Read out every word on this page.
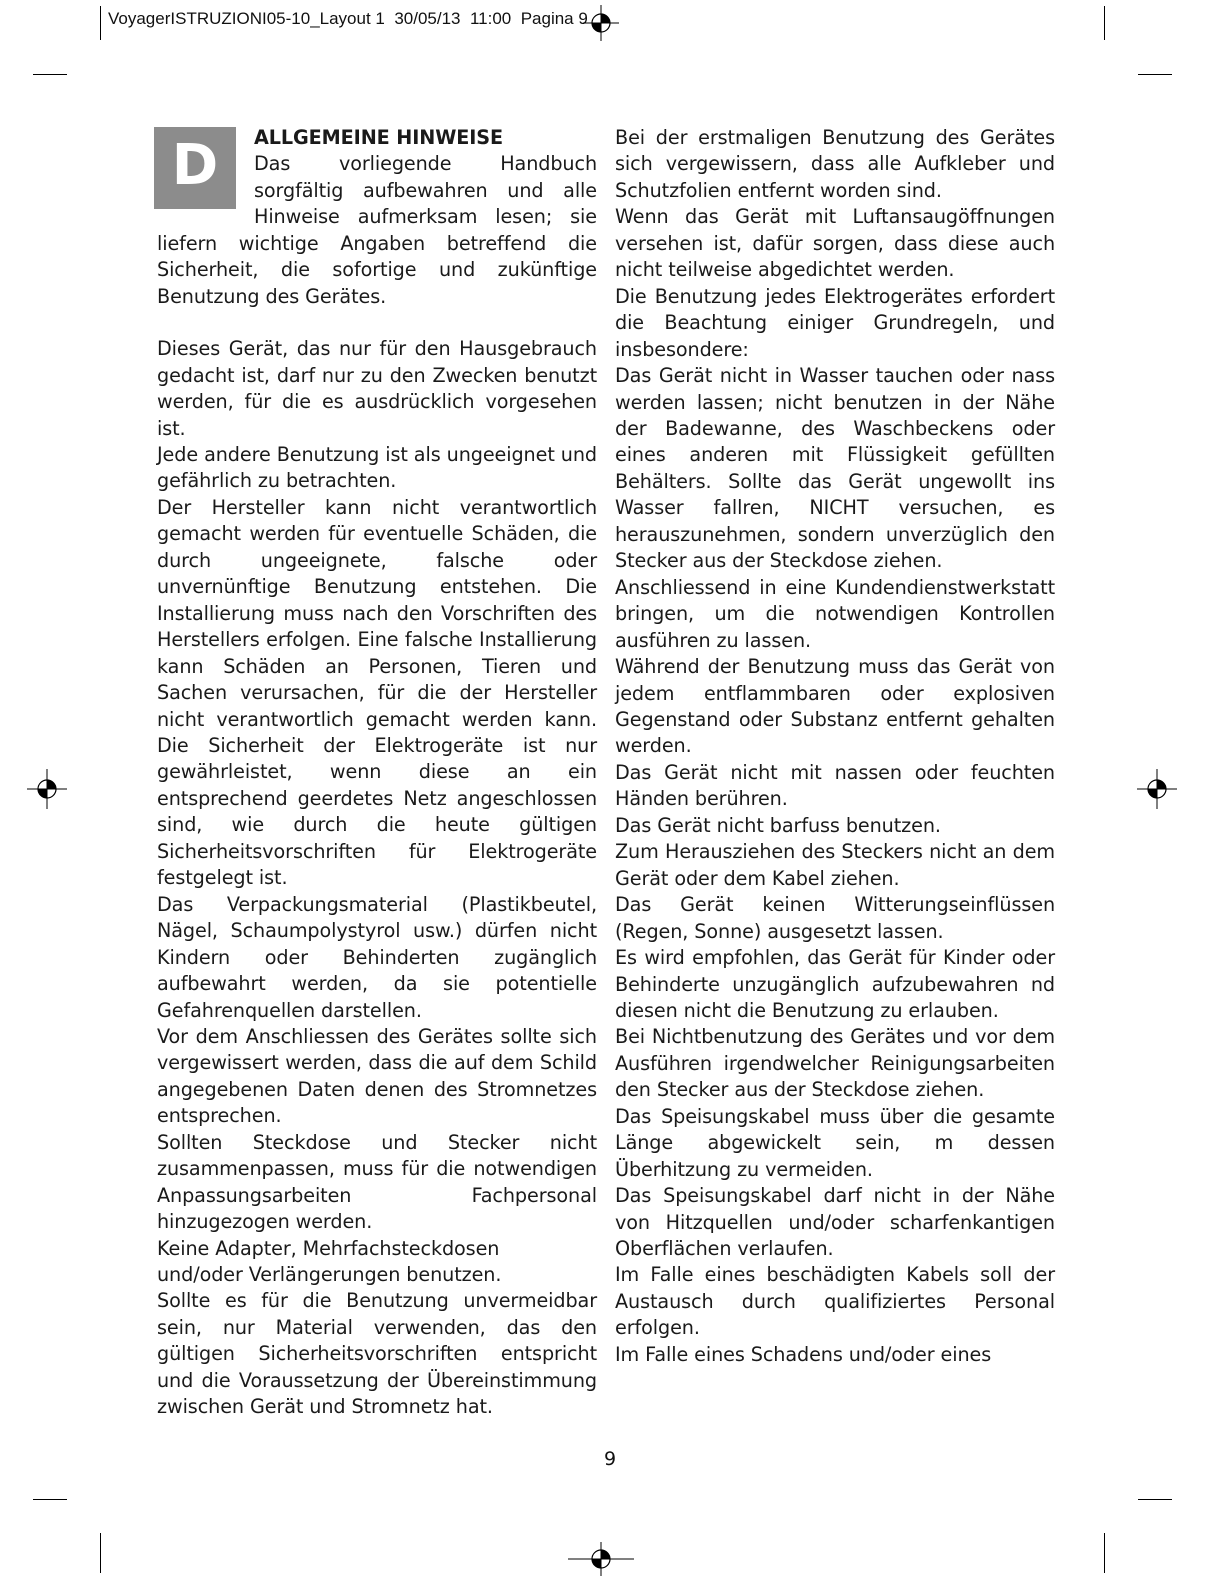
VoyagerISTRUZIONI05-10_Layout 1 30/05/13 11:00 Pagina 9
D	ALLGEMEINE HINWEISE

Das vorliegende Handbuch sorgfältig aufbewahren und alle Hinweise aufmerksam lesen; sie liefern wichtige Angaben betreffend die Sicherheit, die sofortige und zukünftige Benutzung des Gerätes.

Dieses Gerät, das nur für den Hausgebrauch gedacht ist, darf nur zu den Zwecken benutzt werden, für die es ausdrücklich vorgesehen ist.

Jede andere Benutzung ist als ungeeignet und gefährlich zu betrachten.

Der Hersteller kann nicht verantwortlich gemacht werden für eventuelle Schäden, die durch ungeeignete, falsche oder unvernünftige Benutzung entstehen. Die Installierung muss nach den Vorschriften des Herstellers erfolgen. Eine falsche Installierung kann Schäden an Personen, Tieren und Sachen verursachen, für die der Hersteller nicht verantwortlich gemacht werden kann. Die Sicherheit der Elektrogeräte ist nur gewährleistet, wenn diese an ein entsprechend geerdetes Netz angeschlossen sind, wie durch die heute gültigen Sicherheitsvorschriften für Elektrogeräte festgelegt ist.

Das Verpackungsmaterial (Plastikbeutel, Nägel, Schaumpolystyrol usw.) dürfen nicht Kindern oder Behinderten zugänglich aufbewahrt werden, da sie potentielle Gefahrenquellen darstellen.

Vor dem Anschliessen des Gerätes sollte sich vergewissert werden, dass die auf dem Schild angegebenen Daten denen des Stromnetzes entsprechen.

Sollten Steckdose und Stecker nicht zusammenpassen, muss für die notwendigen Anpassungsarbeiten Fachpersonal hinzugezogen werden.

Keine Adapter, Mehrfachsteckdosen

und/oder Verlängerungen benutzen.

Sollte es für die Benutzung unvermeidbar sein, nur Material verwenden, das den gültigen Sicherheitsvorschriften entspricht und die Voraussetzung der Übereinstimmung zwischen Gerät und Stromnetz hat.

Bei der erstmaligen Benutzung des Gerätes sich vergewissern, dass alle Aufkleber und Schutzfolien entfernt worden sind.

Wenn das Gerät mit Luftansaugöffnungen versehen ist, dafür sorgen, dass diese auch nicht teilweise abgedichtet werden.

Die Benutzung jedes Elektrogerätes erfordert die Beachtung einiger Grundregeln, und insbesondere:

Das Gerät nicht in Wasser tauchen oder nass werden lassen; nicht benutzen in der Nähe der Badewanne, des Waschbeckens oder eines anderen mit Flüssigkeit gefüllten Behälters. Sollte das Gerät ungewollt ins Wasser fallren, NICHT versuchen, es herauszunehmen, sondern unverzüglich den Stecker aus der Steckdose ziehen.

Anschliessend in eine Kundendienstwerkstatt bringen, um die notwendigen Kontrollen ausführen zu lassen.

Während der Benutzung muss das Gerät von jedem entflammbaren oder explosiven Gegenstand oder Substanz entfernt gehalten werden.

Das Gerät nicht mit nassen oder feuchten Händen berühren.

Das Gerät nicht barfuss benutzen.

Zum Herausziehen des Steckers nicht an dem Gerät oder dem Kabel ziehen.

Das Gerät keinen Witterungseinflüssen (Regen, Sonne) ausgesetzt lassen.

Es wird empfohlen, das Gerät für Kinder oder Behinderte unzugänglich aufzubewahren nd diesen nicht die Benutzung zu erlauben.

Bei Nichtbenutzung des Gerätes und vor dem Ausführen irgendwelcher Reinigungsarbeiten den Stecker aus der Steckdose ziehen.

Das Speisungskabel muss über die gesamte Länge abgewickelt sein, m dessen Überhitzung zu vermeiden.

Das Speisungskabel darf nicht in der Nähe von Hitzquellen und/oder scharfenkantigen Oberflächen verlaufen.

Im Falle eines beschädigten Kabels soll der Austausch durch qualifiziertes Personal erfolgen.

Im Falle eines Schadens und/oder eines

9
